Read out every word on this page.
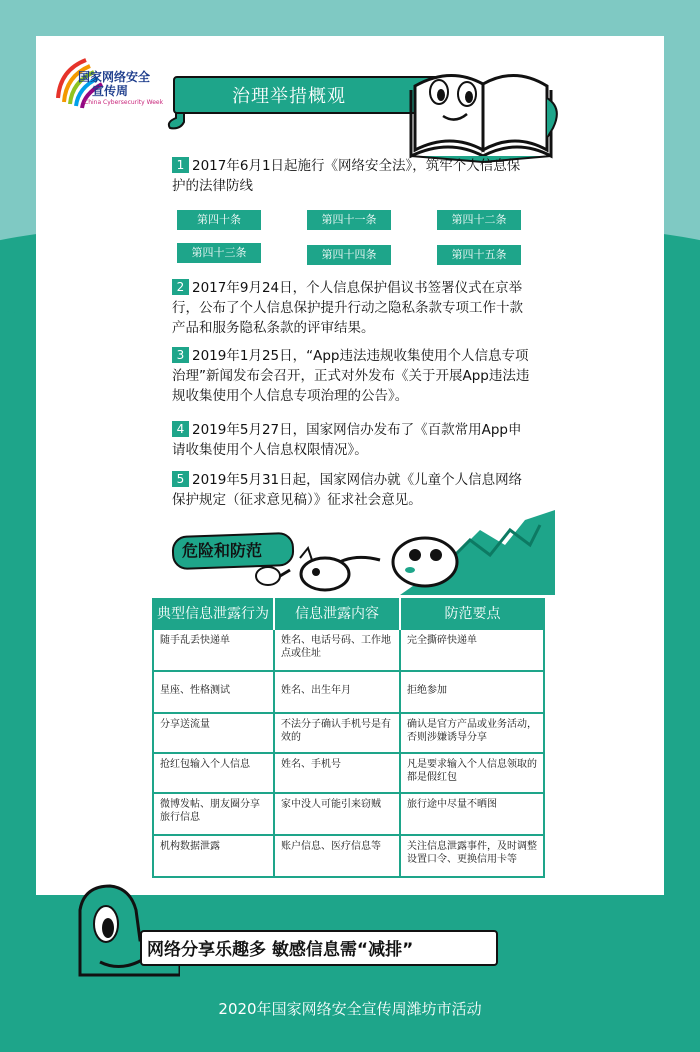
国家网络安全
宣传周
China Cybersecurity Week	治理举措概观
1 2017年6月1日起施行《网络安全法》，筑牢个人信息保护的法律防线
第四十条	第四十一条	第四十二条
第四十三条	第四十四条	第四十五条
2 2017年9月24日，个人信息保护倡议书签署仪式在京举行，公布了个人信息保护提升行动之隐私条款专项工作十款产品和服务隐私条款的评审结果。
3 2019年1月25日，“App违法违规收集使用个人信息专项治理”新闻发布会召开，正式对外发布《关于开展App违法违规收集使用个人信息专项治理的公告》。
4 2019年5月27日，国家网信办发布了《百款常用App申请收集使用个人信息权限情况》。
5 2019年5月31日起，国家网信办就《儿童个人信息网络保护规定（征求意见稿）》征求社会意见。
危险和防范
典型信息泄露行为	信息泄露内容	防范要点
随手乱丢快递单	姓名、电话号码、工作地点或住址	完全撕碎快递单
星座、性格测试	姓名、出生年月	拒绝参加
分享送流量	不法分子确认手机号是有效的	确认是官方产品或业务活动，否则涉嫌诱导分享
抢红包输入个人信息	姓名、手机号	凡是要求输入个人信息领取的都是假红包
微博发帖、朋友圈分享旅行信息	家中没人可能引来窃贼	旅行途中尽量不晒图
机构数据泄露	账户信息、医疗信息等	关注信息泄露事件，及时调整设置口令、更换信用卡等
网络分享乐趣多 敏感信息需“减排”
2020年国家网络安全宣传周潍坊市活动
